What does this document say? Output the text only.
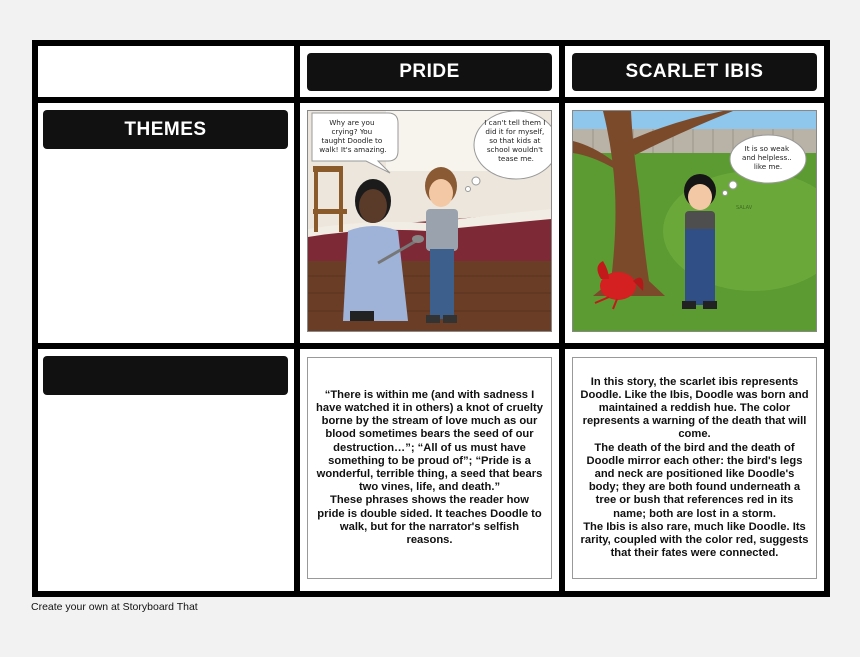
PRIDE	SCARLET IBIS
THEMES	Why are you crying? You taught Doodle to walk! It's amazing.
I can't tell them I did it for myself, so that kids at school wouldn't tease me.
SALAV
It is so weak and helpless.. like me.
“There is within me (and with sadness I have watched it in others) a knot of cruelty borne by the stream of love much as our blood sometimes bears the seed of our destruction…”; “All of us must have something to be proud of”; “Pride is a wonderful, terrible thing, a seed that bears two vines, life, and death.”
These phrases shows the reader how pride is double sided. It teaches Doodle to walk, but for the narrator's selfish reasons.
In this story, the scarlet ibis represents Doodle. Like the Ibis, Doodle was born and maintained a reddish hue. The color represents a warning of the death that will come.
The death of the bird and the death of Doodle mirror each other: the bird's legs and neck are positioned like Doodle's body; they are both found underneath a tree or bush that references red in its name; both are lost in a storm.
The Ibis is also rare, much like Doodle. Its rarity, coupled with the color red, suggests that their fates were connected.
Create your own at Storyboard That
